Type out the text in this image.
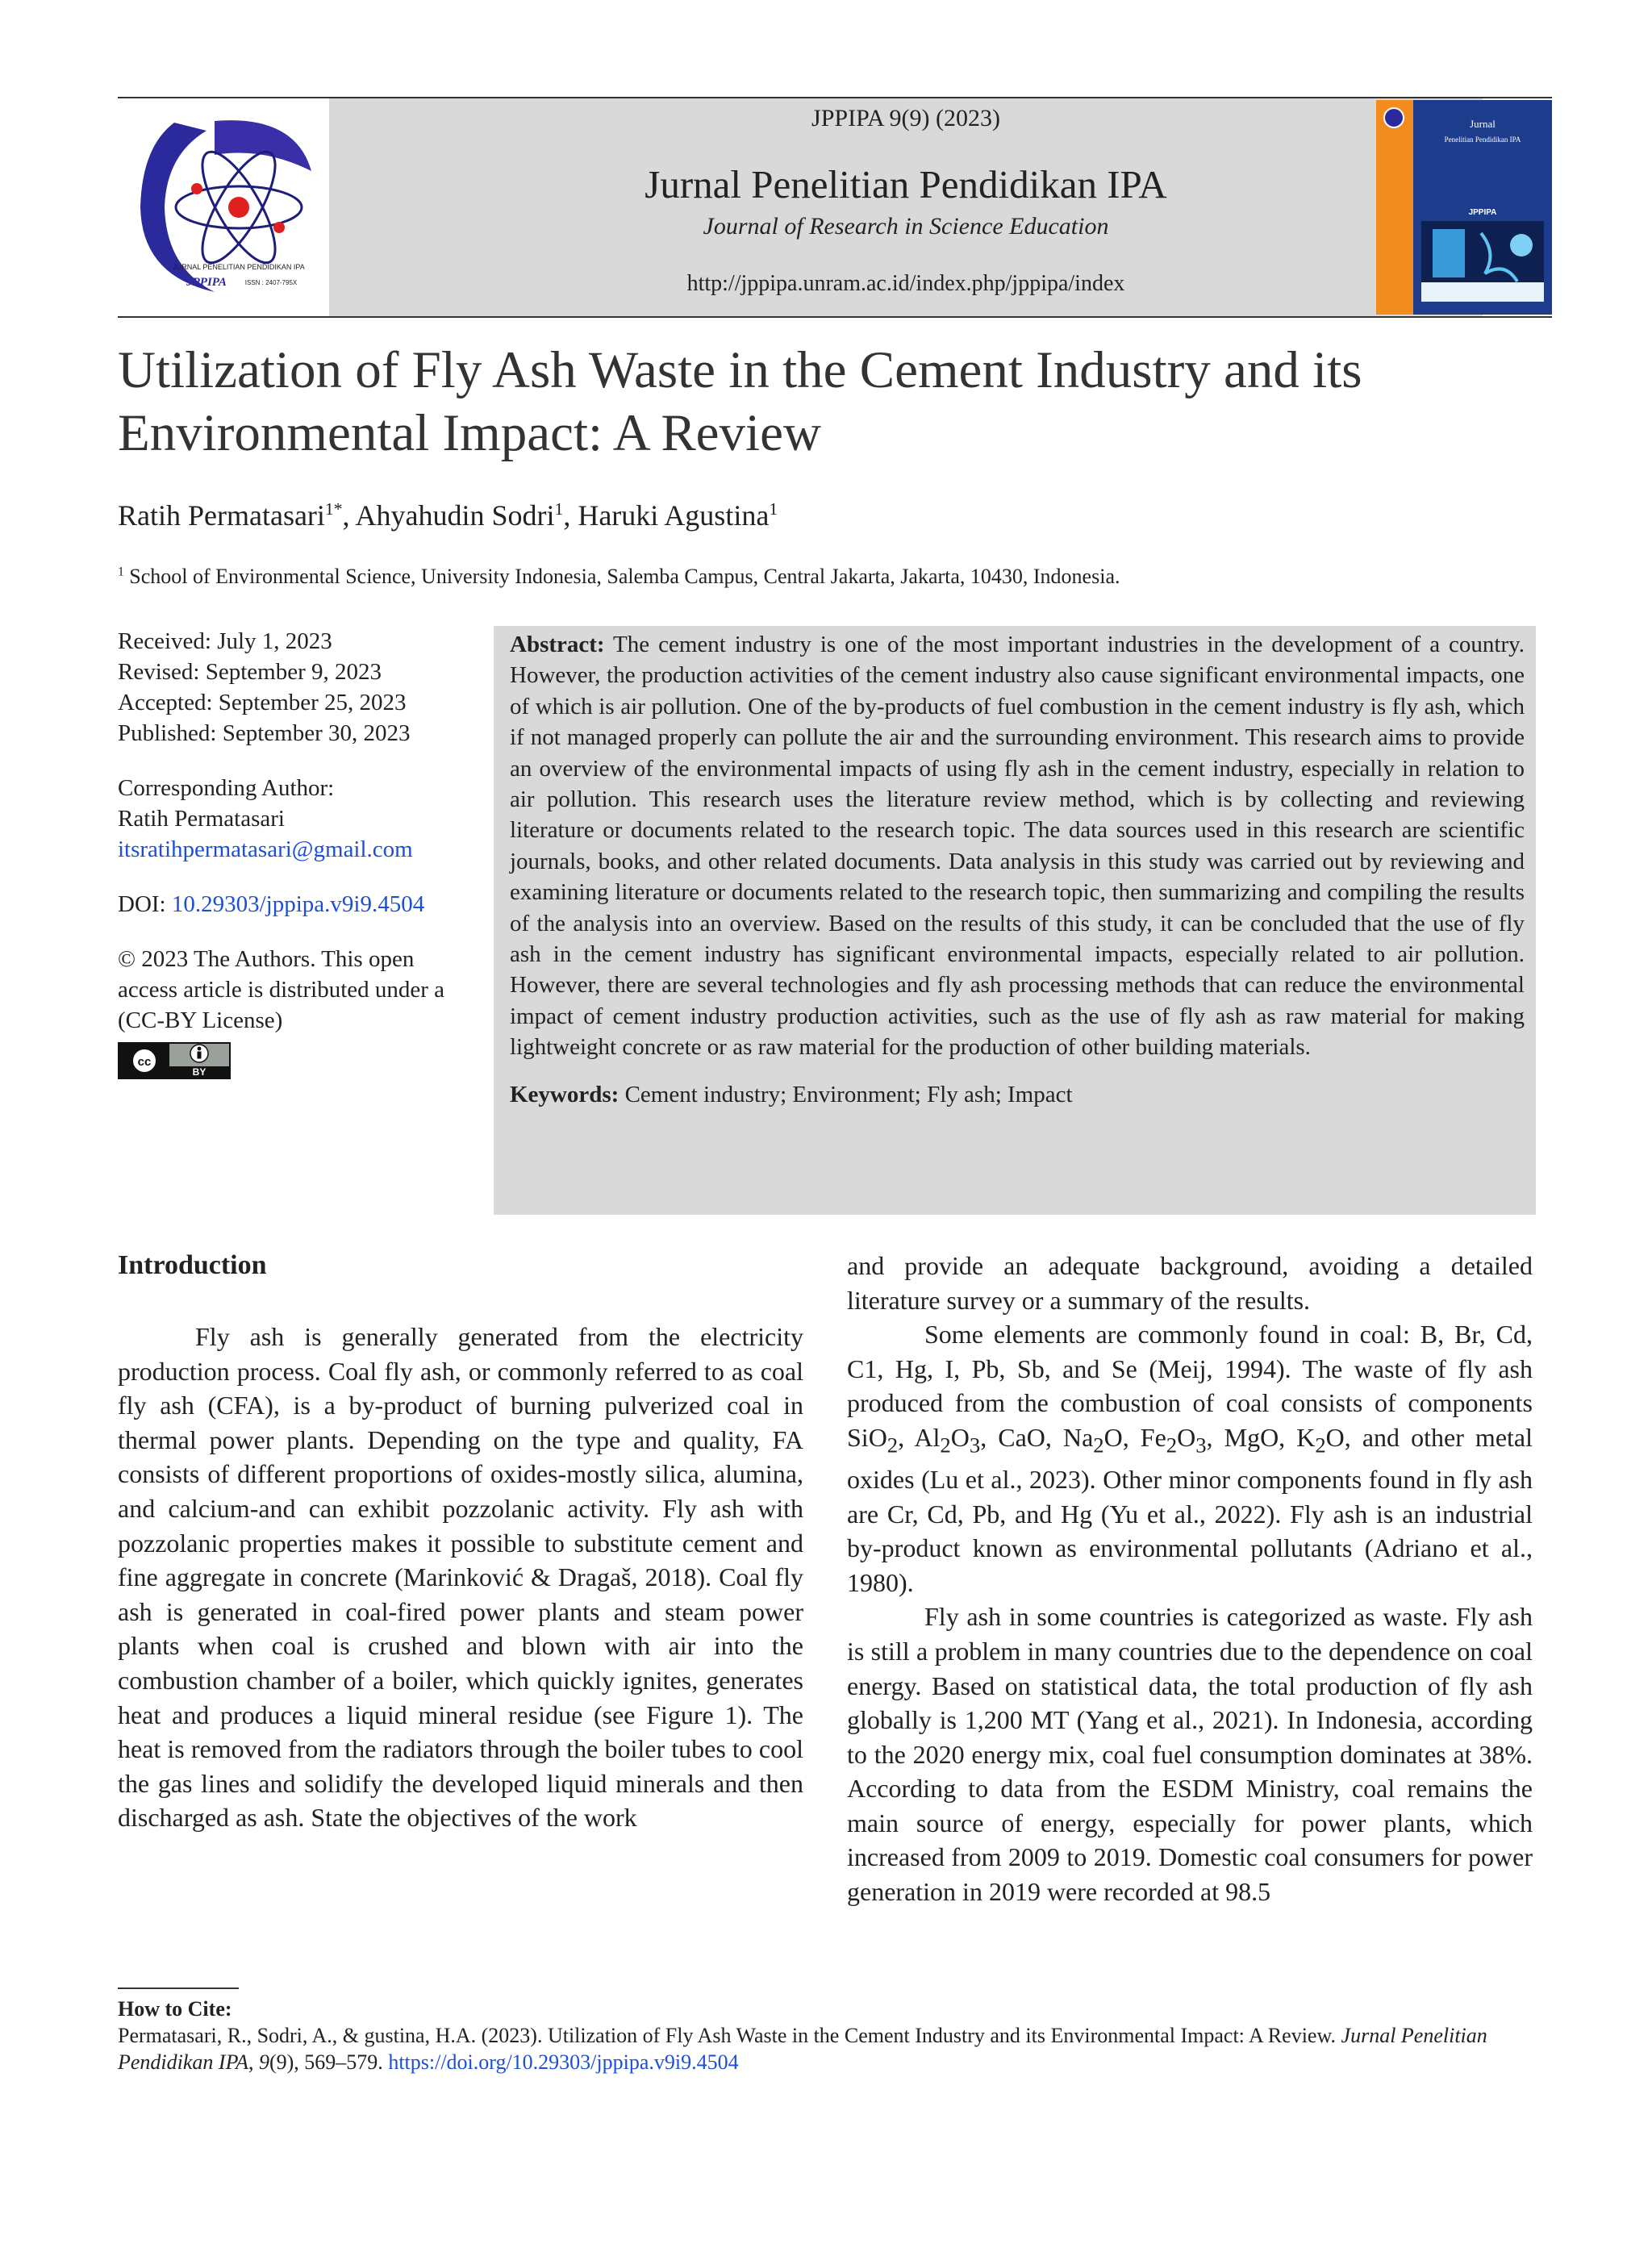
JURNAL PENELITIAN PENDIDIKAN IPA
JPPIPA	ISSN : 2407-795X
JPPIPA 9(9) (2023)
Jurnal Penelitian Pendidikan IPA
Journal of Research in Science Education
http://jppipa.unram.ac.id/index.php/jppipa/index
Jurnal
Penelitian Pendidikan IPA
JPPIPA
Utilization of Fly Ash Waste in the Cement Industry and its Environmental Impact: A Review
Ratih Permatasari$^{1*}$, Ahyahudin Sodri$^1$, Haruki Agustina$^1$
$^1$ School of Environmental Science, University Indonesia, Salemba Campus, Central Jakarta, Jakarta, 10430, Indonesia.
Received: July 1, 2023
Revised: September 9, 2023
Accepted: September 25, 2023
Published: September 30, 2023
Corresponding Author:
Ratih Permatasari
itsratihpermatasari@gmail.com
DOI: 10.29303/jppipa.v9i9.4504
© 2023 The Authors. This open access article is distributed under a (CC-BY License)
cc
BY
Abstract: The cement industry is one of the most important industries in the development of a country. However, the production activities of the cement industry also cause significant environmental impacts, one of which is air pollution. One of the by-products of fuel combustion in the cement industry is fly ash, which if not managed properly can pollute the air and the surrounding environment. This research aims to provide an overview of the environmental impacts of using fly ash in the cement industry, especially in relation to air pollution. This research uses the literature review method, which is by collecting and reviewing literature or documents related to the research topic. The data sources used in this research are scientific journals, books, and other related documents. Data analysis in this study was carried out by reviewing and examining literature or documents related to the research topic, then summarizing and compiling the results of the analysis into an overview. Based on the results of this study, it can be concluded that the use of fly ash in the cement industry has significant environmental impacts, especially related to air pollution. However, there are several technologies and fly ash processing methods that can reduce the environmental impact of cement industry production activities, such as the use of fly ash as raw material for making lightweight concrete or as raw material for the production of other building materials.
Keywords: Cement industry; Environment; Fly ash; Impact
Introduction

Fly ash is generally generated from the electricity production process. Coal fly ash, or commonly referred to as coal fly ash (CFA), is a by-product of burning pulverized coal in thermal power plants. Depending on the type and quality, FA consists of different proportions of oxides-mostly silica, alumina, and calcium-and can exhibit pozzolanic activity. Fly ash with pozzolanic properties makes it possible to substitute cement and fine aggregate in concrete (Marinković & Dragaš, 2018). Coal fly ash is generated in coal-fired power plants and steam power plants when coal is crushed and blown with air into the combustion chamber of a boiler, which quickly ignites, generates heat and produces a liquid mineral residue (see Figure 1). The heat is removed from the radiators through the boiler tubes to cool the gas lines and solidify the developed liquid minerals and then discharged as ash. State the objectives of the work

and provide an adequate background, avoiding a detailed literature survey or a summary of the results.

Some elements are commonly found in coal: B, Br, Cd, C1, Hg, I, Pb, Sb, and Se (Meij, 1994). The waste of fly ash produced from the combustion of coal consists of components SiO$_2$, $Al_2O_3$, CaO, $Na_2O$, $Fe_2O_3$, MgO, $K_2O$, and other metal oxides (Lu et al., 2023). Other minor components found in fly ash are Cr, Cd, Pb, and Hg (Yu et al., 2022). Fly ash is an industrial by-product known as environmental pollutants (Adriano et al., 1980).

Fly ash in some countries is categorized as waste. Fly ash is still a problem in many countries due to the dependence on coal energy. Based on statistical data, the total production of fly ash globally is 1,200 MT (Yang et al., 2021). In Indonesia, according to the 2020 energy mix, coal fuel consumption dominates at 38%. According to data from the ESDM Ministry, coal remains the main source of energy, especially for power plants, which increased from 2009 to 2019. Domestic coal consumers for power generation in 2019 were recorded at 98.5

How to Cite:
Permatasari, R., Sodri, A., & gustina, H.A. (2023). Utilization of Fly Ash Waste in the Cement Industry and its Environmental Impact: A Review. Jurnal Penelitian Pendidikan IPA, 9(9), 569–579. https://doi.org/10.29303/jppipa.v9i9.4504
